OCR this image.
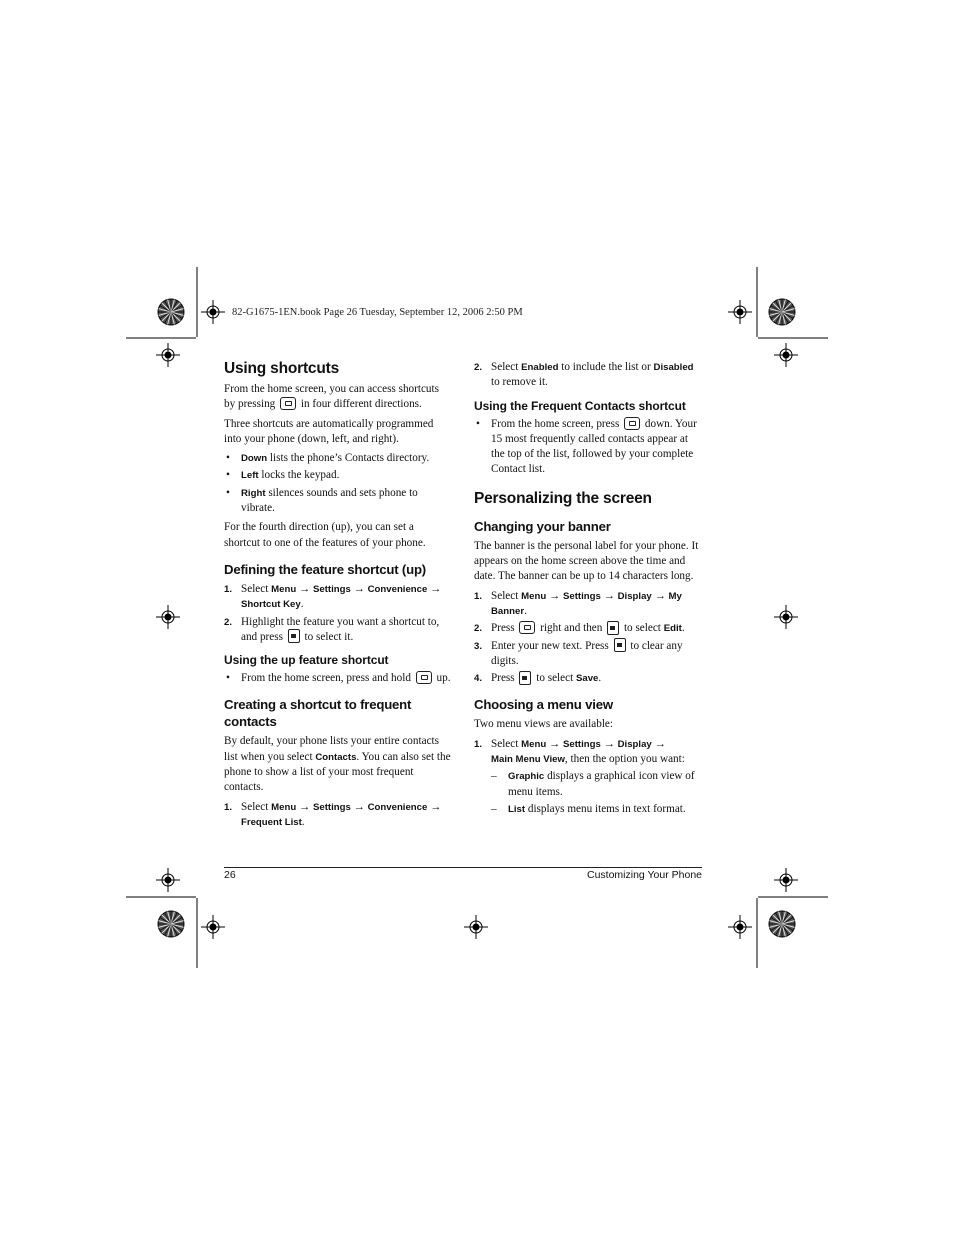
82-G1675-1EN.book Page 26 Tuesday, September 12, 2006 2:50 PM
Using shortcuts

From the home screen, you can access shortcuts by pressing in four different directions.

Three shortcuts are automatically programmed into your phone (down, left, and right).

• Down lists the phone’s Contacts directory.
• Left locks the keypad.
• Right silences sounds and sets phone to vibrate.

For the fourth direction (up), you can set a shortcut to one of the features of your phone.

Defining the feature shortcut (up)
1. Select Menu → Settings → Convenience → Shortcut Key.
2. Highlight the feature you want a shortcut to, and press to select it.
Using the up feature shortcut
• From the home screen, press and hold up.
Creating a shortcut to frequent contacts

By default, your phone lists your entire contacts list when you select Contacts. You can also set the phone to show a list of your most frequent contacts.

1. Select Menu → Settings → Convenience → Frequent List.
2. Select Enabled to include the list or Disabled to remove it.
Using the Frequent Contacts shortcut
• From the home screen, press down. Your 15 most frequently called contacts appear at the top of the list, followed by your complete Contact list.
Personalizing the screen
Changing your banner

The banner is the personal label for your phone. It appears on the home screen above the time and date. The banner can be up to 14 characters long.

1. Select Menu → Settings → Display → My Banner.
2. Press right and then to select Edit.
3. Enter your new text. Press to clear any digits.
4. Press to select Save.
Choosing a menu view

Two menu views are available:

1. Select Menu → Settings → Display →
Main Menu View, then the option you want:
– Graphic displays a graphical icon view of menu items.
– List displays menu items in text format.
26	Customizing Your Phone
